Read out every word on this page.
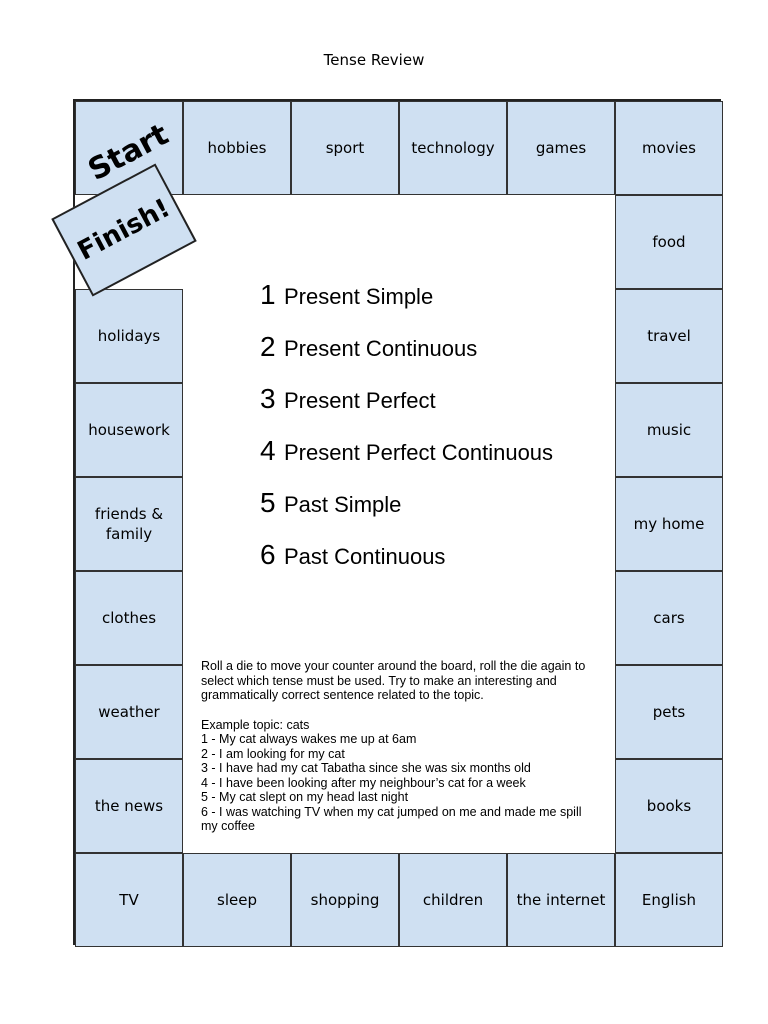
Tense Review
Start	hobbies	sport	technology	games	movies
food
travel
music
my home
cars
pets
books
TV	sleep	shopping	children	the internet	English
holidays
housework
friends & family
clothes
weather
the news
Finish!
1 Present Simple
2 Present Continuous
3 Present Perfect
4 Present Perfect Continuous
5 Past Simple
6 Past Continuous

Roll a die to move your counter around the board, roll the die again to select which tense must be used. Try to make an interesting and grammatically correct sentence related to the topic.

Example topic: cats

1 - My cat always wakes me up at 6am

2 - I am looking for my cat

3 - I have had my cat Tabatha since she was six months old

4 - I have been looking after my neighbour’s cat for a week

5 - My cat slept on my head last night

6 - I was watching TV when my cat jumped on me and made me spill my coffee
